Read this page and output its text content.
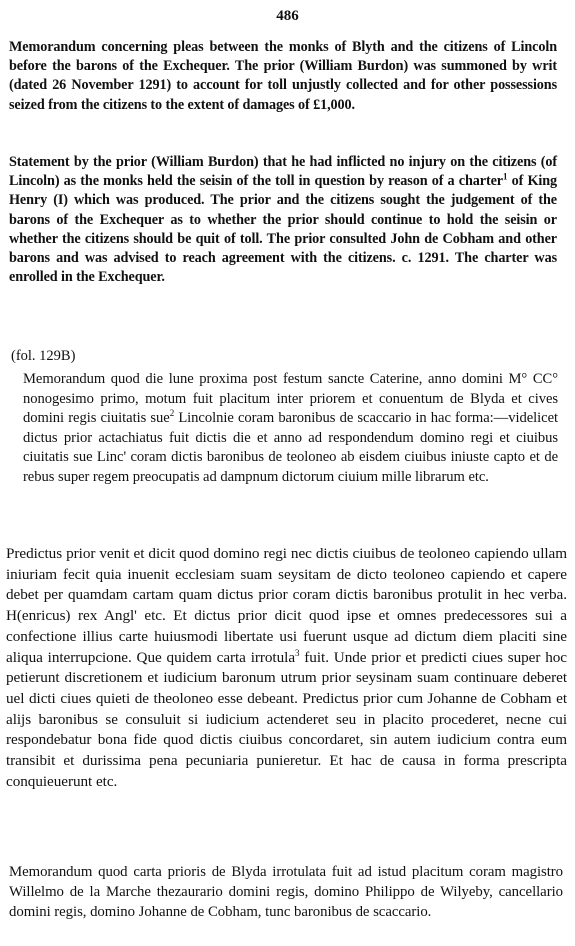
486

Memorandum concerning pleas between the monks of Blyth and the citizens of Lincoln before the barons of the Exchequer. The prior (William Burdon) was summoned by writ (dated 26 November 1291) to account for toll unjustly collected and for other possessions seized from the citizens to the extent of damages of £1,000.

Statement by the prior (William Burdon) that he had inflicted no injury on the citizens (of Lincoln) as the monks held the seisin of the toll in question by reason of a charter$^1$ of King Henry (I) which was produced. The prior and the citizens sought the judgement of the barons of the Exchequer as to whether the prior should continue to hold the seisin or whether the citizens should be quit of toll. The prior consulted John de Cobham and other barons and was advised to reach agreement with the citizens. c. 1291. The charter was enrolled in the Exchequer.

(fol. 129B)

Memorandum quod die lune proxima post festum sancte Caterine, anno domini M° CC° nonogesimo primo, motum fuit placitum inter priorem et conuentum de Blyda et cives domini regis ciuitatis sue$^2$ Lincolnie coram baronibus de scaccario in hac forma:—videlicet dictus prior actachiatus fuit dictis die et anno ad respondendum domino regi et ciuibus ciuitatis sue Linc' coram dictis baronibus de teoloneo ab eisdem ciuibus iniuste capto et de rebus super regem preocupatis ad dampnum dictorum ciuium mille librarum etc.

Predictus prior venit et dicit quod domino regi nec dictis ciuibus de teoloneo capiendo ullam iniuriam fecit quia inuenit ecclesiam suam seysitam de dicto teoloneo capiendo et capere debet per quamdam cartam quam dictus prior coram dictis baronibus protulit in hec verba. H(enricus) rex Angl' etc. Et dictus prior dicit quod ipse et omnes predecessores sui a confectione illius carte huiusmodi libertate usi fuerunt usque ad dictum diem placiti sine aliqua interrupcione. Que quidem carta irrotula$^3$ fuit. Unde prior et predicti ciues super hoc petierunt discretionem et iudicium baronum utrum prior seysinam suam continuare deberet uel dicti ciues quieti de theoloneo esse debeant. Predictus prior cum Johanne de Cobham et alijs baronibus se consuluit si iudicium actenderet seu in placito procederet, necne cui respondebatur bona fide quod dictis ciuibus concordaret, sin autem iudicium contra eum transibit et durissima pena pecuniaria punieretur. Et hac de causa in forma prescripta conquieuerunt etc.

Memorandum quod carta prioris de Blyda irrotulata fuit ad istud placitum coram magistro Willelmo de la Marche thezaurario domini regis, domino Philippo de Wilyeby, cancellario domini regis, domino Johanne de Cobham, tunc baronibus de scaccario.
